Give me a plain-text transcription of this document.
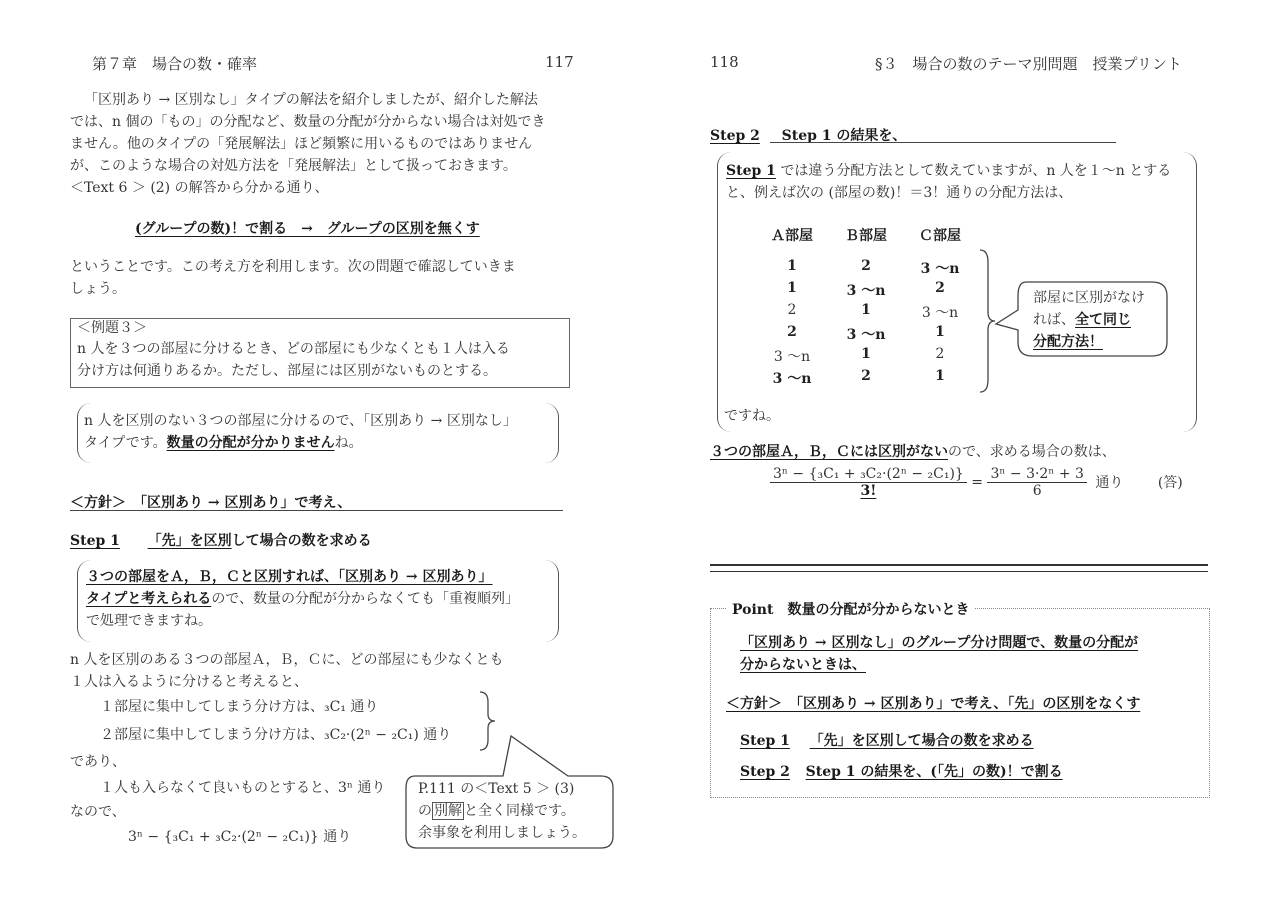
第７章　場合の数・確率	117
「区別あり → 区別なし」タイプの解法を紹介しましたが、紹介した解法
では、n 個の「もの」の分配など、数量の分配が分からない場合は対処でき
ません。他のタイプの「発展解法」ほど頻繁に用いるものではありません
が、このような場合の対処方法を「発展解法」として扱っておきます。
＜Text 6 ＞ (2) の解答から分かる通り、
(グループの数)！で割る　→　グループの区別を無くす
ということです。この考え方を利用します。次の問題で確認していきま
しょう。
＜例題３＞
n 人を３つの部屋に分けるとき、どの部屋にも少なくとも１人は入る
分け方は何通りあるか。ただし、部屋には区別がないものとする。
n 人を区別のない３つの部屋に分けるので、「区別あり → 区別なし」
タイプです。数量の分配が分かりませんね。
＜方針＞　「区別あり → 区別あり」で考え、
Step 1 「先」を区別して場合の数を求める
３つの部屋をＡ，Ｂ，Ｃと区別すれば、「区別あり → 区別あり」
タイプと考えられるので、数量の分配が分からなくても「重複順列」
で処理できますね。
n 人を区別のある３つの部屋Ａ，Ｂ，Ｃに、どの部屋にも少なくとも
１人は入るように分けると考えると、
１部屋に集中してしまう分け方は、₃C₁ 通り
２部屋に集中してしまう分け方は、₃C₂·(2ⁿ − ₂C₁) 通り
であり、
１人も入らなくて良いものとすると、3ⁿ 通り
なので、
3ⁿ − {₃C₁ + ₃C₂·(2ⁿ − ₂C₁)} 通り
P.111 の＜Text 5 ＞ (3)
の 別解 と全く同様です。
余事象を利用しましょう。
118	§３　場合の数のテーマ別問題　授業プリント
Step 2 Step 1 の結果を、
Step 1 では違う分配方法として数えていますが、n 人を１〜n とする
と、例えば次の (部屋の数)！＝3！通りの分配方法は、
Ａ部屋	Ｂ部屋	Ｃ部屋
1	2	3 〜n
1	3 〜n	2
2	1	3 〜n
2	3 〜n	1
3 〜n	1	2
3 〜n	2	1
部屋に区別がなけ
れば、全て同じ
分配方法！
ですね。
３つの部屋Ａ，Ｂ，Ｃには区別がないので、求める場合の数は、
$\frac{\text{3ⁿ − \{₃C₁ + ₃C₂·(2ⁿ − ₂C₁)\}}}{3!} = \frac{\text{3ⁿ − 3·2ⁿ + 3}}{6}$ 通り (答)
Point　数量の分配が分からないとき
「区別あり → 区別なし」のグループ分け問題で、数量の分配が
分からないときは、
＜方針＞　「区別あり → 区別あり」で考え、「先」の区別をなくす
Step 1 「先」を区別して場合の数を求める
Step 2 Step 1 の結果を、(「先」の数)！で割る
